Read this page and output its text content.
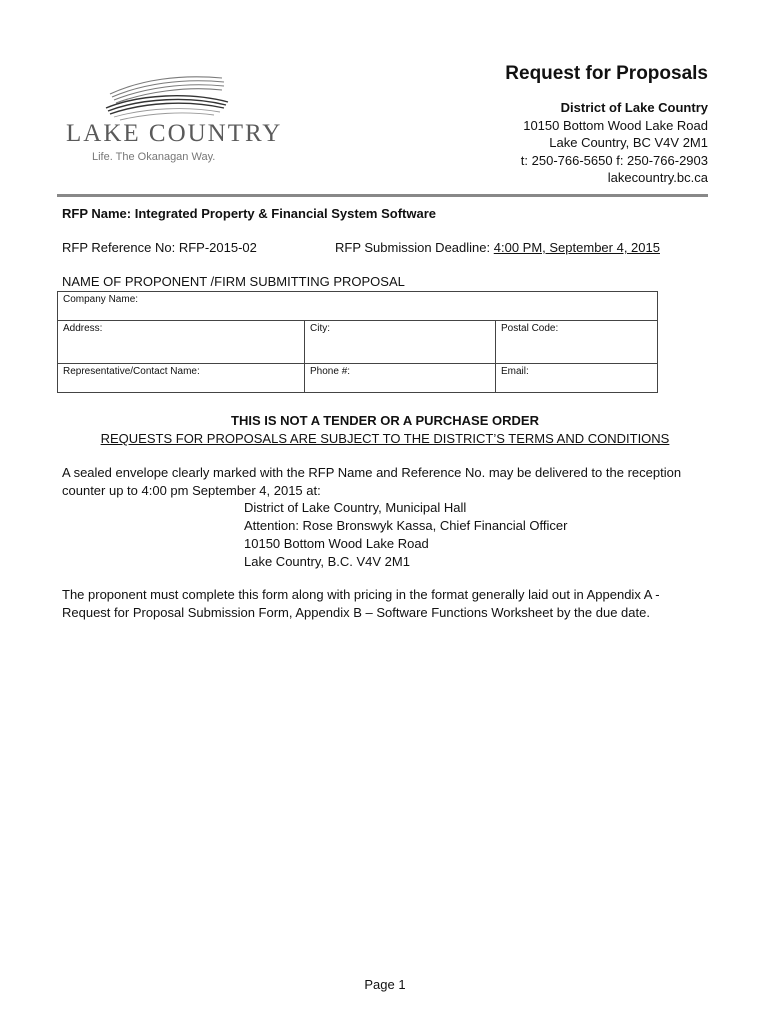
LAKE COUNTRY
Life. The Okanagan Way.
Request for Proposals
District of Lake Country
10150 Bottom Wood Lake Road
Lake Country, BC V4V 2M1
t: 250-766-5650 f: 250-766-2903
lakecountry.bc.ca
RFP Name: Integrated Property & Financial System Software
RFP Reference No: RFP-2015-02	RFP Submission Deadline: 4:00 PM, September 4, 2015
NAME OF PROPONENT /FIRM SUBMITTING PROPOSAL
Company Name:		
Address:	City:	Postal Code:
Representative/Contact Name:	Phone #:	Email:
THIS IS NOT A TENDER OR A PURCHASE ORDER
REQUESTS FOR PROPOSALS ARE SUBJECT TO THE DISTRICT’S TERMS AND CONDITIONS
A sealed envelope clearly marked with the RFP Name and Reference No. may be delivered to the reception counter up to 4:00 pm September 4, 2015 at:
District of Lake Country, Municipal Hall
Attention: Rose Bronswyk Kassa, Chief Financial Officer
10150 Bottom Wood Lake Road
Lake Country, B.C. V4V 2M1
The proponent must complete this form along with pricing in the format generally laid out in Appendix A - Request for Proposal Submission Form, Appendix B – Software Functions Worksheet by the due date.
Page 1
